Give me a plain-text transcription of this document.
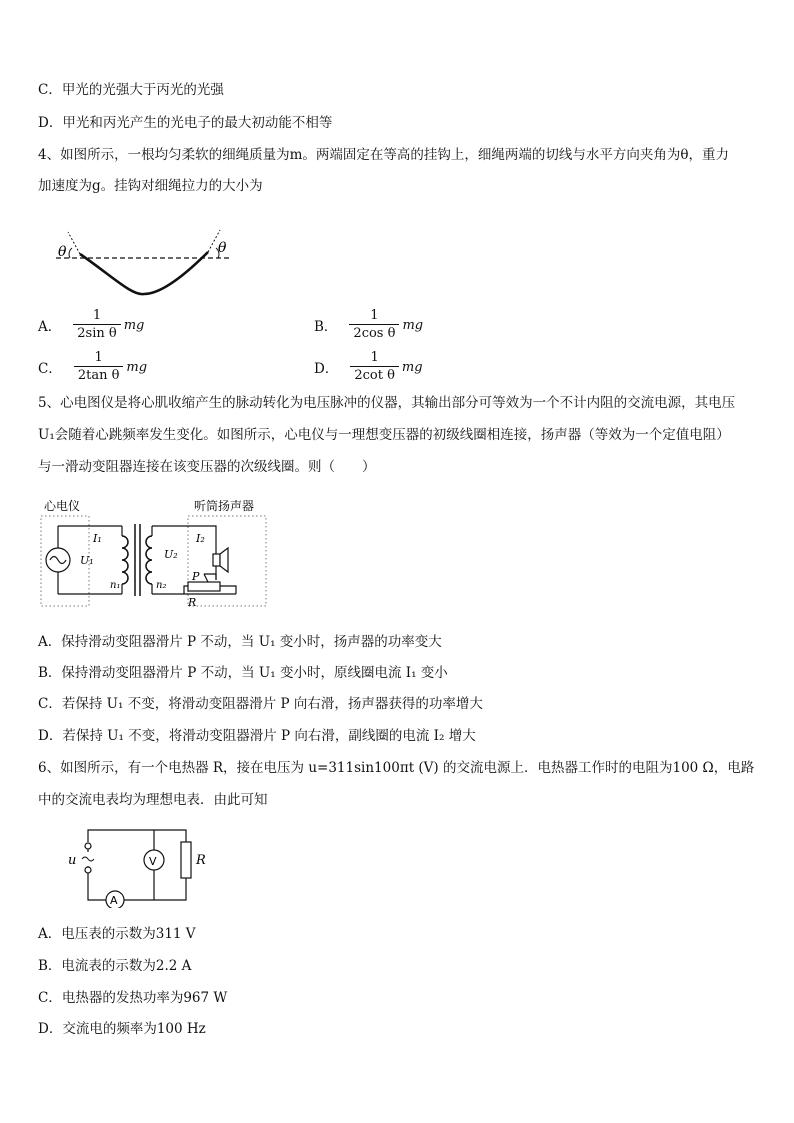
C．甲光的光强大于丙光的光强
D．甲光和丙光产生的光电子的最大初动能不相等
4、如图所示，一根均匀柔软的细绳质量为m。两端固定在等高的挂钩上，细绳两端的切线与水平方向夹角为θ，重力
加速度为g。挂钩对细绳拉力的大小为
θ	θ
A． $\frac{1}{\text{2sin θ}}$ mg	B． $\frac{1}{\text{2cos θ}}$ mg
C． $\frac{1}{\text{2tan θ}}$ mg	D． $\frac{1}{\text{2cot θ}}$ mg
5、心电图仪是将心肌收缩产生的脉动转化为电压脉冲的仪器，其输出部分可等效为一个不计内阻的交流电源，其电压
U₁会随着心跳频率发生变化。如图所示，心电仪与一理想变压器的初级线圈相连接，扬声器（等效为一个定值电阻）
与一滑动变阻器连接在该变压器的次级线圈。则（　　）
心电仪	听筒扬声器
I₁
U₁
n₁
U₂
n₂
I₂
P
R
A．保持滑动变阻器滑片 P 不动，当 U₁ 变小时，扬声器的功率变大
B．保持滑动变阻器滑片 P 不动，当 U₁ 变小时，原线圈电流 I₁ 变小
C．若保持 U₁ 不变，将滑动变阻器滑片 P 向右滑，扬声器获得的功率增大
D．若保持 U₁ 不变，将滑动变阻器滑片 P 向右滑，副线圈的电流 I₂ 增大
6、如图所示，有一个电热器 R，接在电压为 u=311sin100πt (V) 的交流电源上．电热器工作时的电阻为100 Ω，电路
中的交流电表均为理想电表．由此可知
u	V	R
A
A．电压表的示数为311 V
B．电流表的示数为2.2 A
C．电热器的发热功率为967 W
D．交流电的频率为100 Hz
